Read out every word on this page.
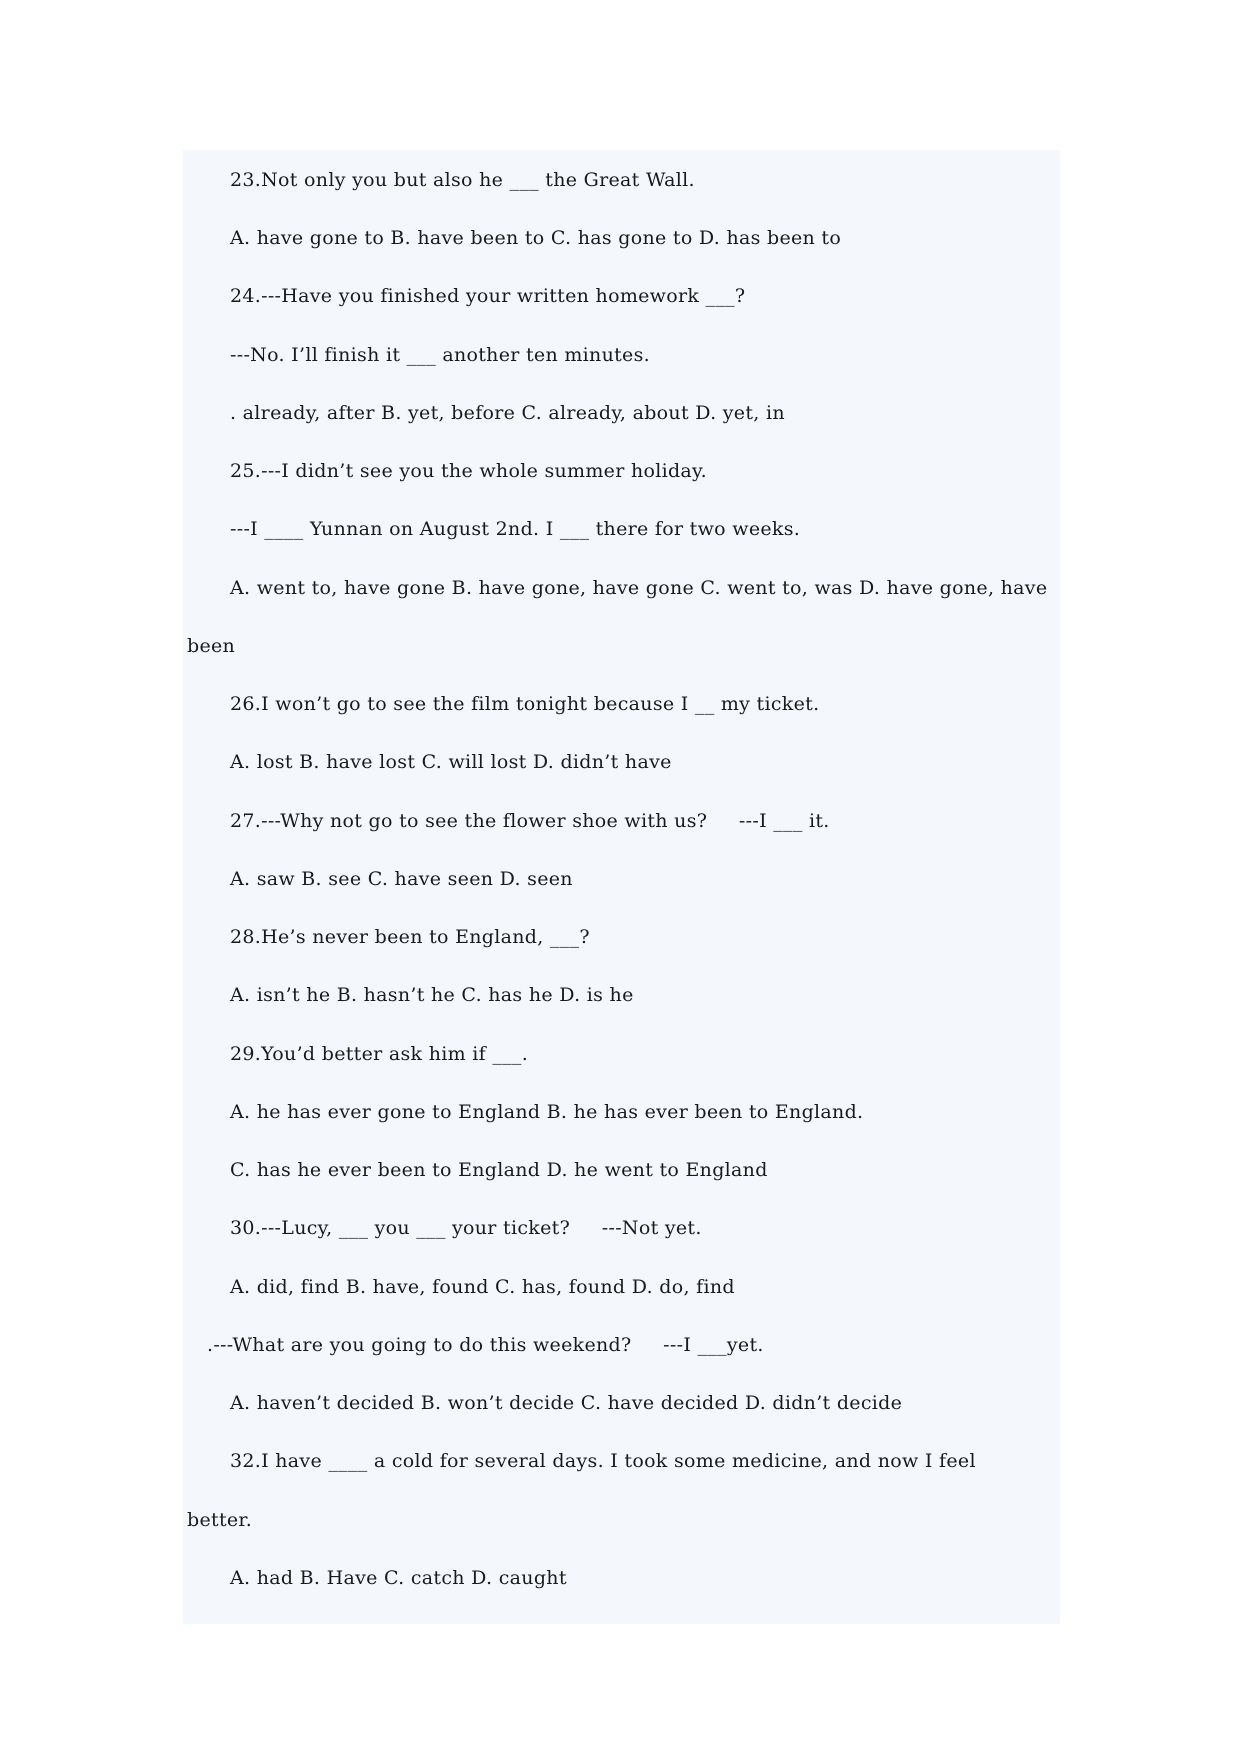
23.Not only you but also he ___ the Great Wall.
A. have gone to B. have been to C. has gone to D. has been to
24.---Have you finished your written homework ___?
---No. I’ll finish it ___ another ten minutes.
. already, after B. yet, before C. already, about D. yet, in
25.---I didn’t see you the whole summer holiday.
---I ____ Yunnan on August 2nd. I ___ there for two weeks.
A. went to, have gone B. have gone, have gone C. went to, was D. have gone, have
been
26.I won’t go to see the film tonight because I __ my ticket.
A. lost B. have lost C. will lost D. didn’t have
27.---Why not go to see the flower shoe with us?     ---I ___ it.
A. saw B. see C. have seen D. seen
28.He’s never been to England, ___?
A. isn’t he B. hasn’t he C. has he D. is he
29.You’d better ask him if ___.
A. he has ever gone to England B. he has ever been to England.
C. has he ever been to England D. he went to England
30.---Lucy, ___ you ___ your ticket?     ---Not yet.
A. did, find B. have, found C. has, found D. do, find
.---What are you going to do this weekend?     ---I ___yet.
A. haven’t decided B. won’t decide C. have decided D. didn’t decide
32.I have ____ a cold for several days. I took some medicine, and now I feel
better.
A. had B. Have C. catch D. caught
